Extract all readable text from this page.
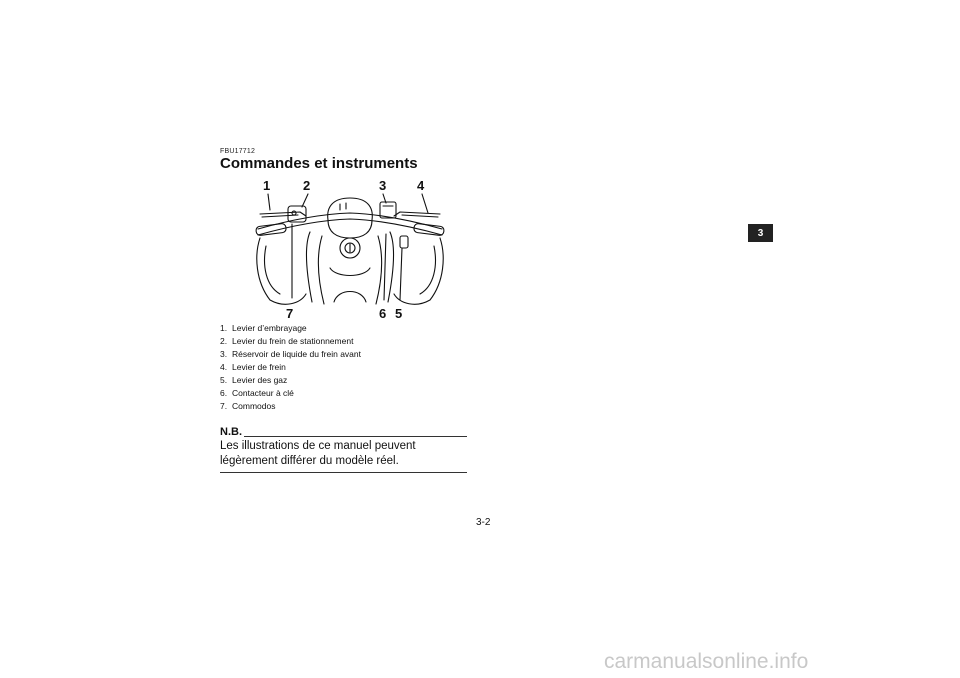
FBU17712
Commandes et instruments
1	2	3 4
7	6 5
1. Levier d’embrayage
2. Levier du frein de stationnement
3. Réservoir de liquide du frein avant
4. Levier de frein
5. Levier des gaz
6. Contacteur à clé
7. Commodos
N.B.

Les illustrations de ce manuel peuvent légèrement différer du modèle réel.

3-2
3
carmanualsonline.info
